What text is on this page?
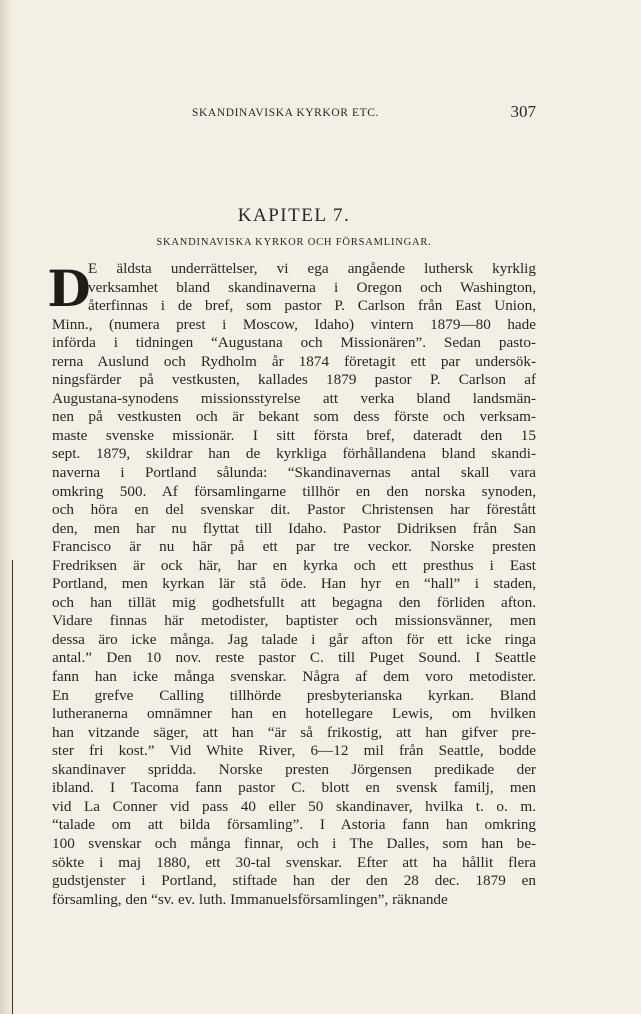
SKANDINAVISKA KYRKOR ETC.	307
KAPITEL 7.
SKANDINAVISKA KYRKOR OCH FÖRSAMLINGAR.
D
E äldsta underrättelser, vi ega angående luthersk kyrklig
verksamhet bland skandinaverna i Oregon och Washington,
återfinnas i de bref, som pastor P. Carlson från East Union,
Minn., (numera prest i Moscow, Idaho) vintern 1879—80 hade
införda i tidningen “Augustana och Missionären”. Sedan pasto-
rerna Auslund och Rydholm år 1874 företagit ett par undersök-
ningsfärder på vestkusten, kallades 1879 pastor P. Carlson af
Augustana-synodens missionsstyrelse att verka bland landsmän-
nen på vestkusten och är bekant som dess förste och verksam-
maste svenske missionär. I sitt första bref, dateradt den 15
sept. 1879, skildrar han de kyrkliga förhållandena bland skandi-
naverna i Portland sålunda: “Skandinavernas antal skall vara
omkring 500. Af församlingarne tillhör en den norska synoden,
och höra en del svenskar dit. Pastor Christensen har förestått
den, men har nu flyttat till Idaho. Pastor Didriksen från San
Francisco är nu här på ett par tre veckor. Norske presten
Fredriksen är ock här, har en kyrka och ett presthus i East
Portland, men kyrkan lär stå öde. Han hyr en “hall” i staden,
och han tillät mig godhetsfullt att begagna den förliden afton.
Vidare finnas här metodister, baptister och missionsvänner, men
dessa äro icke många. Jag talade i går afton för ett icke ringa
antal.” Den 10 nov. reste pastor C. till Puget Sound. I Seattle
fann han icke många svenskar. Några af dem voro metodister.
En grefve Calling tillhörde presbyterianska kyrkan. Bland
lutheranerna omnämner han en hotellegare Lewis, om hvilken
han vitzande säger, att han “är så frikostig, att han gifver pre-
ster fri kost.” Vid White River, 6—12 mil från Seattle, bodde
skandinaver spridda. Norske presten Jörgensen predikade der
ibland. I Tacoma fann pastor C. blott en svensk familj, men
vid La Conner vid pass 40 eller 50 skandinaver, hvilka t. o. m.
“talade om att bilda församling”. I Astoria fann han omkring
100 svenskar och många finnar, och i The Dalles, som han be-
sökte i maj 1880, ett 30-tal svenskar. Efter att ha hållit flera
gudstjenster i Portland, stiftade han der den 28 dec. 1879 en
församling, den “sv. ev. luth. Immanuelsförsamlingen”, räknande
